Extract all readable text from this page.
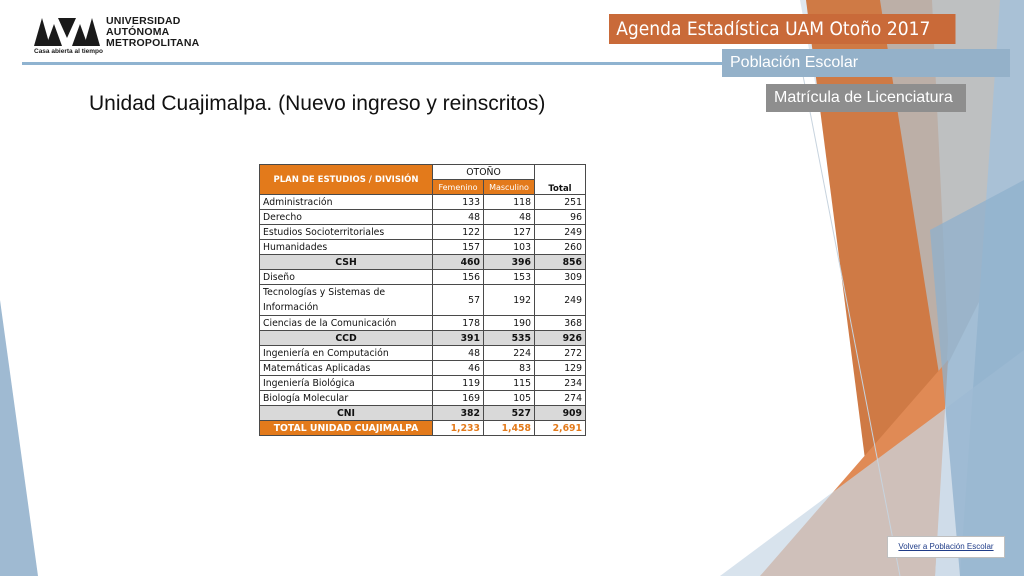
UNIVERSIDAD
AUTÓNOMA
METROPOLITANA
Casa abierta al tiempo
Agenda Estadística UAM Otoño 2017
Población Escolar
Matrícula de Licenciatura
Unidad Cuajimalpa. (Nuevo ingreso y reinscritos)
PLAN DE ESTUDIOS / DIVISIÓN	OTOÑO		Total
	Femenino	Masculino	
Administración	133	118	251
Derecho	48	48	96
Estudios Socioterritoriales	122	127	249
Humanidades	157	103	260
CSH	460	396	856
Diseño	156	153	309
Tecnologías y Sistemas de Información	57	192	249
Ciencias de la Comunicación	178	190	368
CCD	391	535	926
Ingeniería en Computación	48	224	272
Matemáticas Aplicadas	46	83	129
Ingeniería Biológica	119	115	234
Biología Molecular	169	105	274
CNI	382	527	909
TOTAL UNIDAD CUAJIMALPA	1,233	1,458	2,691
Volver a Población Escolar
